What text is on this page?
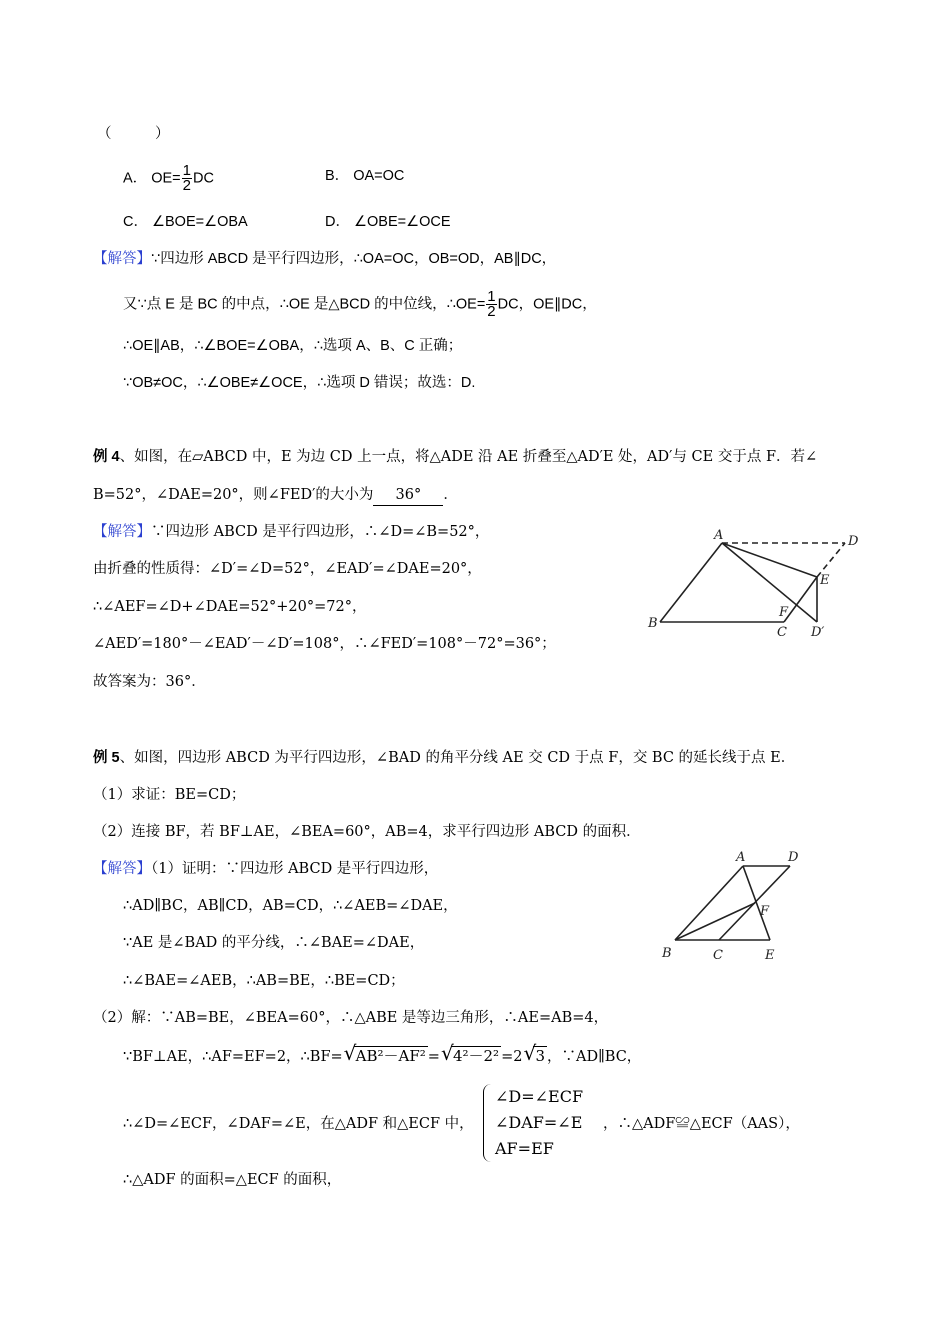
（　　　）
A． $OE= \frac{1}{2}$ DC	B． OA=OC
C． ∠BOE=∠OBA	D． ∠OBE=∠OCE
【解答】∵四边形 ABCD 是平行四边形，∴OA=OC，OB=OD，AB∥DC，
又∵点 E 是 BC 的中点，∴OE 是△BCD 的中位线，∴OE= $\frac{1}{2}$ DC，OE∥DC，
∴OE∥AB，∴∠BOE=∠OBA，∴选项 A、B、C 正确；
∵OB≠OC，∴∠OBE≠∠OCE，∴选项 D 错误；故选：D.
例 4、如图，在▱ABCD 中，E 为边 CD 上一点，将△ADE 沿 AE 折叠至△AD′E 处，AD′与 CE 交于点 F．若∠
B=52°，∠DAE=20°，则∠FED′的大小为 36° ．
【解答】∵四边形 ABCD 是平行四边形，∴∠D=∠B=52°，
由折叠的性质得：∠D′=∠D=52°，∠EAD′=∠DAE=20°，
∴∠AEF=∠D+∠DAE=52°+20°=72°，
∠AED′=180°－∠EAD′－∠D′=108°，∴∠FED′=108°－72°=36°；
故答案为：36°．
A	D
E
F
B
C D′
例 5、如图，四边形 ABCD 为平行四边形，∠BAD 的角平分线 AE 交 CD 于点 F，交 BC 的延长线于点 E．
（1）求证：BE=CD；
（2）连接 BF，若 BF⊥AE，∠BEA=60°，AB=4，求平行四边形 ABCD 的面积．
【解答】（1）证明：∵四边形 ABCD 是平行四边形，
∴AD∥BC，AB∥CD，AB=CD，∴∠AEB=∠DAE，
∵AE 是∠BAD 的平分线，∴∠BAE=∠DAE，
∴∠BAE=∠AEB，∴AB=BE，∴BE=CD；
（2）解：∵AB=BE，∠BEA=60°，∴△ABE 是等边三角形，∴AE=AB=4，
∵BF⊥AE，∴AF=EF=2，∴BF= √ AB²－AF² = √ 4²－2² =2 √ 3 ，∵AD∥BC，
∴∠D=∠ECF，∠DAF=∠E，在△ADF 和△ECF 中，
∠D=∠ECF
∠DAF=∠E
AF=EF
，∴△ADF≌△ECF（AAS），
∴△ADF 的面积=△ECF 的面积，
A	D
F
B	C	E
